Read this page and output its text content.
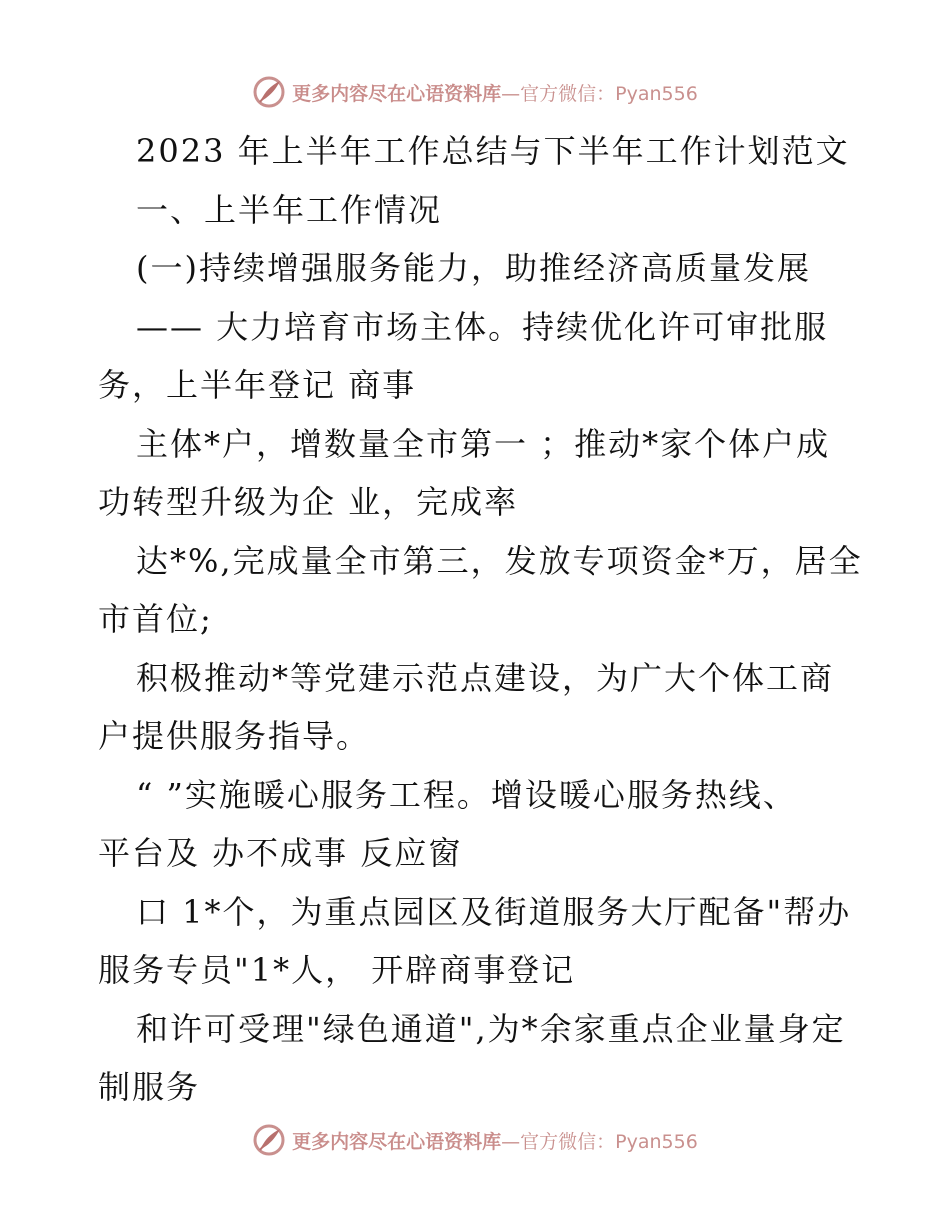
更多内容尽在心语资料库—官方微信：Pyan556
2023 年上半年工作总结与下半年工作计划范文
一、上半年工作情况
(一)持续增强服务能力，助推经济高质量发展
—— 大力培育市场主体。持续优化许可审批服
务，上半年登记 商事
主体*户，增数量全市第一 ；推动*家个体户成
功转型升级为企 业，完成率
达*%,完成量全市第三，发放专项资金*万，居全
市首位;
积极推动*等党建示范点建设，为广大个体工商
户提供服务指导。
“ ”实施暖心服务工程。增设暖心服务热线、
平台及 办不成事 反应窗
口 1*个，为重点园区及街道服务大厅配备"帮办
服务专员"1*人， 开辟商事登记
和许可受理"绿色通道",为*余家重点企业量身定
制服务
更多内容尽在心语资料库—官方微信：Pyan556
